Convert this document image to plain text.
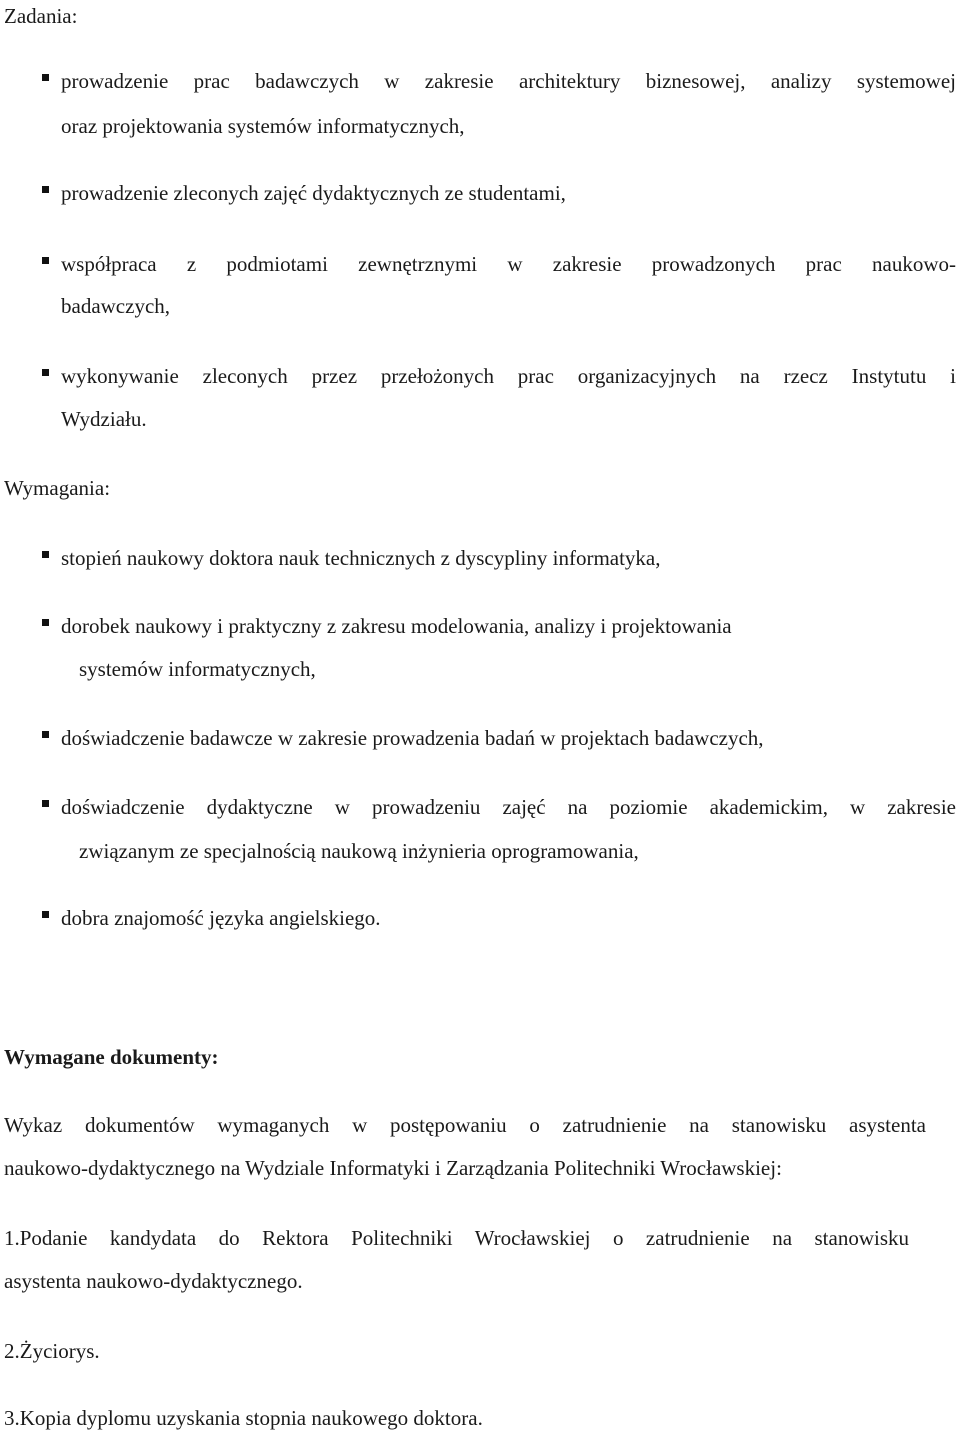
Zadania:
prowadzenie prac badawczych w zakresie architektury biznesowej, analizy systemowej
oraz projektowania systemów informatycznych,
prowadzenie zleconych zajęć dydaktycznych ze studentami,
współpraca z podmiotami zewnętrznymi w zakresie prowadzonych prac naukowo-
badawczych,
wykonywanie zleconych przez przełożonych prac organizacyjnych na rzecz Instytutu i
Wydziału.
Wymagania:
stopień naukowy doktora nauk technicznych z dyscypliny informatyka,
dorobek naukowy i praktyczny z zakresu modelowania, analizy i projektowania
systemów informatycznych,
doświadczenie badawcze w zakresie prowadzenia badań w projektach badawczych,
doświadczenie dydaktyczne w prowadzeniu zajęć na poziomie akademickim, w zakresie
związanym ze specjalnością naukową inżynieria oprogramowania,
dobra znajomość języka angielskiego.
Wymagane dokumenty:
Wykaz dokumentów wymaganych w postępowaniu o zatrudnienie na stanowisku asystenta
naukowo-dydaktycznego na Wydziale Informatyki i Zarządzania Politechniki Wrocławskiej:
1.Podanie kandydata do Rektora Politechniki Wrocławskiej o zatrudnienie na stanowisku
asystenta naukowo-dydaktycznego.
2.Życiorys.
3.Kopia dyplomu uzyskania stopnia naukowego doktora.
